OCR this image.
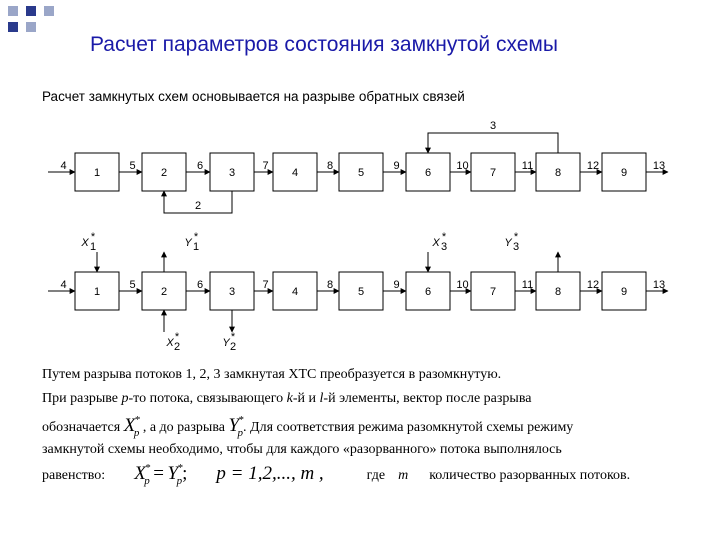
Расчет параметров состояния замкнутой схемы
Расчет замкнутых схем основывается на разрыве обратных связей
1	2	3	4	5	6	7	8	9
4	5	6	7	8	9	10	11	12	13
3
2
1	2	3	4	5	6	7	8	9
4	5	6	7	8	9	10	11	12	13
X 1
*	Y 1
*	X 3
*	Y 3
*
X 2
*	Y 2
*
Путем разрыва потоков 1, 2, 3 замкнутая ХТС преобразуется в разомкнутую.
При разрыве p-то потока, связывающего k-й и l-й элементы, вектор после разрыва
обозначается $X^*_p$ , а до разрыва $Y^*_p$. Для соответствия режима разомкнутой схемы режиму
замкнутой схемы необходимо, чтобы для каждого «разорванного» потока выполнялось
равенство: $X^*_p = Y^*_p$; p = 1,2,..., m ,	где m количество разорванных потоков.
